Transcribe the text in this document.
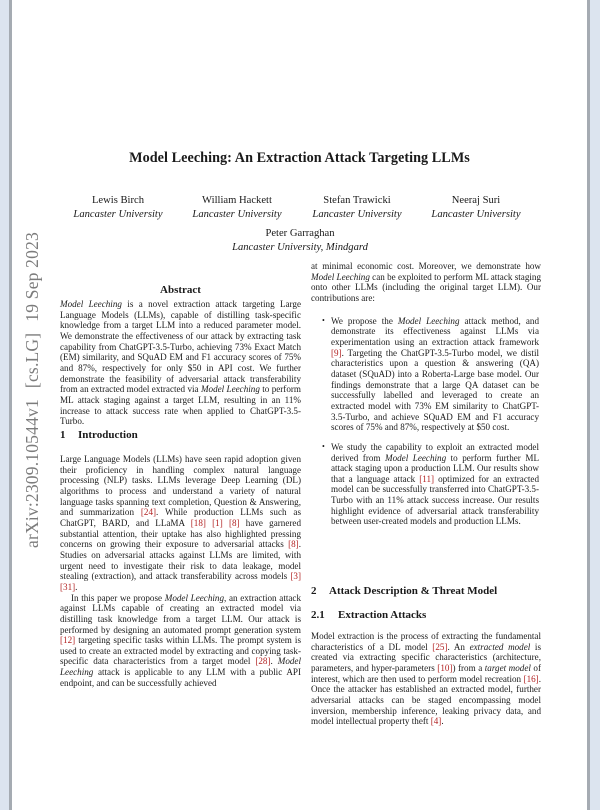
Model Leeching: An Extraction Attack Targeting LLMs
Lewis Birch
Lancaster University
William Hackett
Lancaster University
Stefan Trawicki
Lancaster University
Neeraj Suri
Lancaster University
Peter Garraghan
Lancaster University, Mindgard
Abstract

Model Leeching is a novel extraction attack targeting Large Language Models (LLMs), capable of distilling task-specific knowledge from a target LLM into a reduced parameter model. We demonstrate the effectiveness of our attack by extracting task capability from ChatGPT-3.5-Turbo, achieving 73% Exact Match (EM) similarity, and SQuAD EM and F1 accuracy scores of 75% and 87%, respectively for only $50 in API cost. We further demonstrate the feasibility of adversarial attack transferability from an extracted model extracted via Model Leeching to perform ML attack staging against a target LLM, resulting in an 11% increase to attack success rate when applied to ChatGPT-3.5-Turbo.

1 Introduction

Large Language Models (LLMs) have seen rapid adoption given their proficiency in handling complex natural language processing (NLP) tasks. LLMs leverage Deep Learning (DL) algorithms to process and understand a variety of natural language tasks spanning text completion, Question & Answering, and summarization [24]. While production LLMs such as ChatGPT, BARD, and LLaMA [18] [1] [8] have garnered substantial attention, their uptake has also highlighted pressing concerns on growing their exposure to adversarial attacks [8]. Studies on adversarial attacks against LLMs are limited, with urgent need to investigate their risk to data leakage, model stealing (extraction), and attack transferability across models [3] [31].

In this paper we propose Model Leeching, an extraction attack against LLMs capable of creating an extracted model via distilling task knowledge from a target LLM. Our attack is performed by designing an automated prompt generation system [12] targeting specific tasks within LLMs. The prompt system is used to create an extracted model by extracting and copying task-specific data characteristics from a target model [28]. Model Leeching attack is applicable to any LLM with a public API endpoint, and can be successfully achieved

at minimal economic cost. Moreover, we demonstrate how Model Leeching can be exploited to perform ML attack staging onto other LLMs (including the original target LLM). Our contributions are:

• We propose the Model Leeching attack method, and demonstrate its effectiveness against LLMs via experimentation using an extraction attack framework [9]. Targeting the ChatGPT-3.5-Turbo model, we distil characteristics upon a question & answering (QA) dataset (SQuAD) into a Roberta-Large base model. Our findings demonstrate that a large QA dataset can be successfully labelled and leveraged to create an extracted model with 73% EM similarity to ChatGPT-3.5-Turbo, and achieve SQuAD EM and F1 accuracy scores of 75% and 87%, respectively at $50 cost.
• We study the capability to exploit an extracted model derived from Model Leeching to perform further ML attack staging upon a production LLM. Our results show that a language attack [11] optimized for an extracted model can be successfully transferred into ChatGPT-3.5-Turbo with an 11% attack success increase. Our results highlight evidence of adversarial attack transferability between user-created models and production LLMs.
2 Attack Description & Threat Model
2.1 Extraction Attacks

Model extraction is the process of extracting the fundamental characteristics of a DL model [25]. An extracted model is created via extracting specific characteristics (architecture, parameters, and hyper-parameters [10]) from a target model of interest, which are then used to perform model recreation [16]. Once the attacker has established an extracted model, further adversarial attacks can be staged encompassing model inversion, membership inference, leaking privacy data, and model intellectual property theft [4].

arXiv:2309.10544v1[cs.LG]19 Sep 2023
